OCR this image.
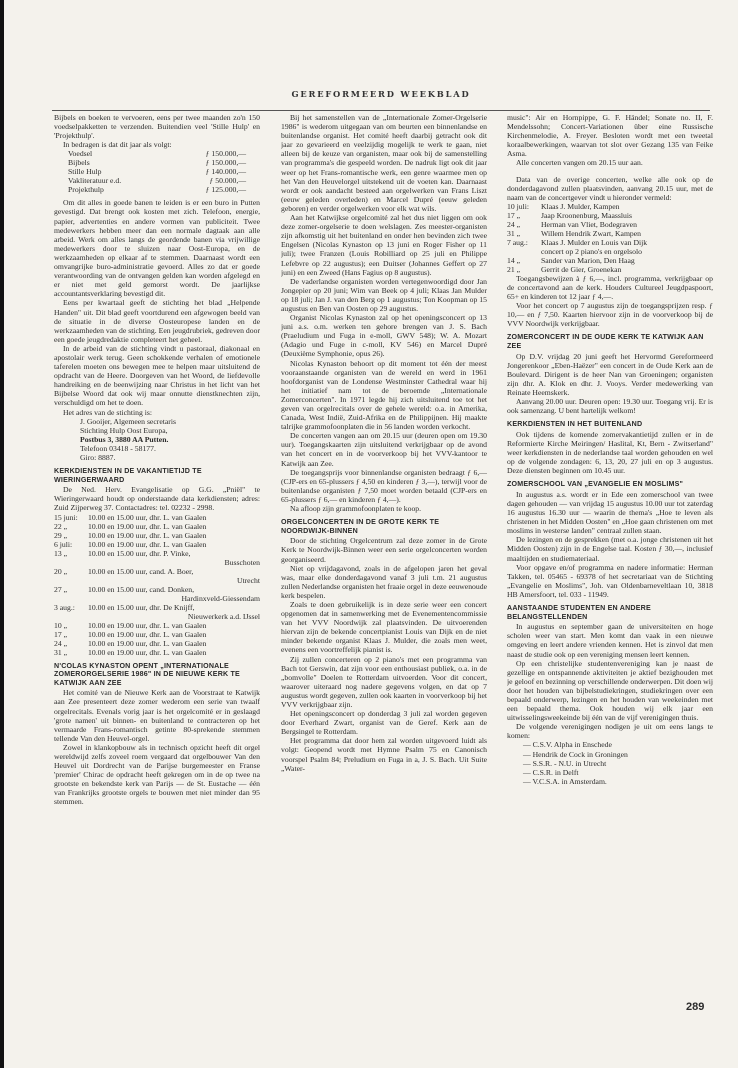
GEREFORMEERD WEEKBLAD

Bijbels en boeken te vervoeren, eens per twee maanden zo'n 150 voedselpakketten te verzenden. Buitendien veel 'Stille Hulp' en 'Projekthulp'.

In bedragen is dat dit jaar als volgt:

Voedsel	ƒ 150.000,—
Bijbels	ƒ 150.000,—
Stille Hulp	ƒ 140.000,—
Vakliteratuur e.d.	ƒ 50.000,—
Projekthulp	ƒ 125.000,—

Om dit alles in goede banen te leiden is er een buro in Putten gevestigd. Dat brengt ook kosten met zich. Telefoon, energie, papier, advertenties en andere vormen van publiciteit. Twee medewerkers hebben meer dan een normale dagtaak aan alle arbeid. Werk om alles langs de geordende banen via vrijwillige medewerkers door te sluizen naar Oost-Europa, en de werkzaamheden op elkaar af te stemmen. Daarnaast wordt een omvangrijke buro-administratie gevoerd. Alles zo dat er goede verantwoording van de ontvangen gelden kan worden afgelegd en er niet met geld gemorst wordt. De jaarlijkse accountantsverklaring bevestigd dit.

Eens per kwartaal geeft de stichting het blad „Helpende Handen" uit. Dit blad geeft voortdurend een afgewogen beeld van de situatie in de diverse Oosteuropese landen en de werkzaamheden van de stichting. Een jeugdrubriek, gedreven door een goede jeugdredaktie completeert het geheel.

In de arbeid van de stichting vindt u pastoraal, diakonaal en apostolair werk terug. Geen schokkende verhalen of emotionele taferelen moeten ons bewegen mee te helpen maar uitsluitend de opdracht van de Heere. Doorgeven van het Woord, de liefdevolle handreiking en de beenwijzing naar Christus in het licht van het Bijbelse Woord dat ook wij maar onnutte dienstknechten zijn, verschuldigd om het te doen.

Het adres van de stichting is:

J. Gooijer, Algemeen secretaris
Stichting Hulp Oost Europa,
Postbus 3, 3880 AA Putten.
Telefoon 03418 - 58177.
Giro: 8887.
KERKDIENSTEN IN DE VAKANTIETIJD TE WIERINGERWAARD

De Ned. Herv. Evangelisatie op G.G. „Pniël" te Wieringerwaard houdt op onderstaande data kerkdiensten; adres: Zuid Zijperweg 37. Contactadres: tel. 02232 - 2998.

15 juni:	10.00 en 15.00 uur, dhr. L. van Gaalen
22 „	10.00 en 19.00 uur, dhr. L. van Gaalen
29 „	10.00 en 19.00 uur, dhr. L. van Gaalen
6 juli:	10.00 en 19.00 uur, dhr. L. van Gaalen
13 „	10.00 en 15.00 uur, dhr. P. Vinke,
	Busschoten
20 „	10.00 en 15.00 uur, cand. A. Boer,
	Utrecht
27 „	10.00 en 15.00 uur, cand. Donken,
	Hardinxveld-Giessendam
3 aug.:	10.00 en 15.00 uur, dhr. De Knijff,
	Nieuwerkerk a.d. IJssel
10 „	10.00 en 19.00 uur, dhr. L. van Gaalen
17 „	10.00 en 19.00 uur, dhr. L. van Gaalen
24 „	10.00 en 19.00 uur, dhr. L. van Gaalen
31 „	10.00 en 19.00 uur, dhr. L. van Gaalen
N'COLAS KYNASTON OPENT „INTERNATIONALE ZOMERORGELSERIE 1986" IN DE NIEUWE KERK TE KATWIJK AAN ZEE

Het comité van de Nieuwe Kerk aan de Voorstraat te Katwijk aan Zee presenteert deze zomer wederom een serie van twaalf orgelrecitals. Evenals vorig jaar is het orgelcomité er in geslaagd 'grote namen' uit binnen- en buitenland te contracteren op het vermaarde Frans-romantisch getinte 80-sprekende stemmen tellende Van den Heuvel-orgel.

Zowel in klankopbouw als in technisch opzicht heeft dit orgel wereldwijd zelfs zoveel roem vergaard dat orgelbouwer Van den Heuvel uit Dordrecht van de Parijse burgemeester en Franse 'premier' Chirac de opdracht heeft gekregen om in de op twee na grootste en bekendste kerk van Parijs — de St. Eustache — één van Frankrijks grootste orgels te bouwen met niet minder dan 95 stemmen.

Bij het samenstellen van de „Internationale Zomer-Orgelserie 1986" is wederom uitgegaan van om beurten een binnenlandse en buitenlandse organist. Het comité heeft daarbij getracht ook dit jaar zo gevarieerd en veelzijdig mogelijk te werk te gaan, niet alleen bij de keuze van organisten, maar ook bij de samenstelling van programma's die gespeeld worden. De nadruk ligt ook dit jaar weer op het Frans-romantische werk, een genre waarmee men op het Van den Heuvelorgel uitstekend uit de voeten kan. Daarnaast wordt er ook aandacht besteed aan orgelwerken van Frans Liszt (eeuw geleden overleden) en Marcel Dupré (eeuw geleden geboren) en verder orgelwerken voor elk wat wils.

Aan het Katwijkse orgelcomité zal het dus niet liggen om ook deze zomer-orgelserie te doen welslagen. Zes meester-organisten zijn afkomstig uit het buitenland en onder hen bevinden zich twee Engelsen (Nicolas Kynaston op 13 juni en Roger Fisher op 11 juli); twee Franzen (Louis Robilliard op 25 juli en Philippe Lefebvre op 22 augustus); een Duitser (Johannes Geffert op 27 juni) en een Zweed (Hans Fagius op 8 augustus).

De vaderlandse organisten worden vertegenwoordigd door Jan Jongepier op 20 juni; Wim van Beek op 4 juli; Klaas Jan Mulder op 18 juli; Jan J. van den Berg op 1 augustus; Ton Koopman op 15 augustus en Ben van Oosten op 29 augustus.

Organist Nicolas Kynaston zal op het openingsconcert op 13 juni a.s. o.m. werken ten gehore brengen van J. S. Bach (Praeludium und Fuga in e-moll, GWV 548); W. A. Mozart (Adagio und Fuge in c-moll, KV 546) en Marcel Dupré (Deuxième Symphonie, opus 26).

Nicolas Kynaston behoort op dit moment tot één der meest vooraanstaande organisten van de wereld en werd in 1961 hoofdorganist van de Londense Westminster Cathedral waar hij het initiatief nam tot de beroemde „Internationale Zomerconcerten". In 1971 legde hij zich uitsluitend toe tot het geven van orgelrecitals over de gehele wereld: o.a. in Amerika, Canada, West Indië, Zuid-Afrika en de Philippijnen. Hij maakte talrijke grammofoonplaten die in 56 landen worden verkocht.

De concerten vangen aan om 20.15 uur (deuren open om 19.30 uur). Toegangskaarten zijn uitsluitend verkrijgbaar op de avond van het concert en in de voorverkoop bij het VVV-kantoor te Katwijk aan Zee.

De toegangsprijs voor binnenlandse organisten bedraagt ƒ 6,— (CJP-ers en 65-plussers ƒ 4,50 en kinderen ƒ 3,—), terwijl voor de buitenlandse organisten ƒ 7,50 moet worden betaald (CJP-ers en 65-plussers ƒ 6,— en kinderen ƒ 4,—).

Na afloop zijn grammofoonplaten te koop.

ORGELCONCERTEN IN DE GROTE KERK TE NOORDWIJK-BINNEN

Door de stichting Orgelcentrum zal deze zomer in de Grote Kerk te Noordwijk-Binnen weer een serie orgelconcerten worden georganiseerd.

Niet op vrijdagavond, zoals in de afgelopen jaren het geval was, maar elke donderdagavond vanaf 3 juli t.m. 21 augustus zullen Nederlandse organisten het fraaie orgel in deze eeuwenoude kerk bespelen.

Zoals te doen gebruikelijk is in deze serie weer een concert opgenomen dat in samenwerking met de Evenementencommissie van het VVV Noordwijk zal plaatsvinden. De uitvoerenden hiervan zijn de bekende concertpianist Louis van Dijk en de niet minder bekende organist Klaas J. Mulder, die zoals men weet, evenens een voortreffelijk pianist is.

Zij zullen concerteren op 2 piano's met een programma van Bach tot Gerswin, dat zijn voor een enthousiast publiek, o.a. in de „bomvolle" Doelen te Rotterdam uitvoerden. Voor dit concert, waarover uiteraard nog nadere gegevens volgen, en dat op 7 augustus wordt gegeven, zullen ook kaarten in voorverkoop bij het VVV verkrijgbaar zijn.

Het openingsconcert op donderdag 3 juli zal worden gegeven door Everhard Zwart, organist van de Geref. Kerk aan de Bergsingel te Rotterdam.

Het programma dat door hem zal worden uitgevoerd luidt als volgt: Geopend wordt met Hymne Psalm 75 en Canonisch voorspel Psalm 84; Preludium en Fuga in a, J. S. Bach. Uit Suite „Water-

music": Air en Hornpippe, G. F. Händel; Sonate no. II, F. Mendelssohn; Concert-Variationen über eine Russische Kirchenmelodie, A. Freyer. Besloten wordt met een tweetal koraalbewerkingen, waarvan tot slot over Gezang 135 van Feike Asma.

Alle concerten vangen om 20.15 uur aan.

Data van de overige concerten, welke alle ook op de donderdagavond zullen plaatsvinden, aanvang 20.15 uur, met de naam van de concertgever vindt u hieronder vermeld:

10 juli:	Klaas J. Mulder, Kampen
17 „	Jaap Kroonenburg, Maassluis
24 „	Herman van Vliet, Bodegraven
31 „	Willem Hendrik Zwart, Kampen
7 aug.:	Klaas J. Mulder en Louis van Dijk
	concert op 2 piano's en orgelsolo
14 „	Sander van Marion, Den Haag
21 „	Gerrit de Gier, Groenekan

Toegangsbewijzen à ƒ 6,—, incl. programma, verkrijgbaar op de concertavond aan de kerk. Houders Cultureel Jeugdpaspoort, 65+ en kinderen tot 12 jaar ƒ 4,—.

Voor het concert op 7 augustus zijn de toegangsprijzen resp. ƒ 10,— en ƒ 7,50. Kaarten hiervoor zijn in de voorverkoop bij de VVV Noordwijk verkrijgbaar.

ZOMERCONCERT IN DE OUDE KERK TE KATWIJK AAN ZEE

Op D.V. vrijdag 20 juni geeft het Hervormd Gereformeerd Jongerenkoor „Eben-Haëzer" een concert in de Oude Kerk aan de Boulevard. Dirigent is de heer Nan van Groeningen; organisten zijn dhr. A. Klok en dhr. J. Vooys. Verder medewerking van Reinate Heemskerk.

Aanvang 20.00 uur. Deuren open: 19.30 uur. Toegang vrij. Er is ook samenzang. U bent hartelijk welkom!

KERKDIENSTEN IN HET BUITENLAND

Ook tijdens de komende zomervakantietijd zullen er in de Reformierte Kirche Meiringen/ Haslital, Kt, Bern - Zwitserland" weer kerkdiensten in de nederlandse taal worden gehouden en wel op de volgende zondagen: 6, 13, 20, 27 juli en op 3 augustus. Deze diensten beginnen om 10.45 uur.

ZOMERSCHOOL VAN „EVANGELIE EN MOSLIMS"

In augustus a.s. wordt er in Ede een zomerschool van twee dagen gehouden — van vrijdag 15 augustus 10.00 uur tot zaterdag 16 augustus 16.30 uur — waarin de thema's „Hoe te leven als christenen in het Midden Oosten" en „Hoe gaan christenen om met moslims in westerse landen" centraal zullen staan.

De lezingen en de gesprekken (met o.a. jonge christenen uit het Midden Oosten) zijn in de Engelse taal. Kosten ƒ 30,—, inclusief maaltijden en studiemateriaal.

Voor opgave en/of programma en nadere informatie: Herman Takken, tel. 05465 - 69378 of het secretariaat van de Stichting „Evangelie en Moslims", Joh. van Oldenbarneveltlaan 10, 3818 HB Amersfoort, tel. 033 - 11949.

AANSTAANDE STUDENTEN EN ANDERE BELANGSTELLENDEN

In augustus en september gaan de universiteiten en hoge scholen weer van start. Men komt dan vaak in een nieuwe omgeving en leert andere vrienden kennen. Het is zinvol dat men naast de studie ook op een vereniging mensen leert kennen.

Op een christelijke studentenvereniging kan je naast de gezellige en ontspannende aktiviteiten je aktief bezighouden met je geloof en bezinning op verschillende onderwerpen. Dit doen wij door het houden van bijbelstudiekringen, studiekringen over een bepaald onderwerp, lezingen en het houden van weekeinden met een bepaald thema. Ook houden wij elk jaar een uitwisselingsweekeinde bij één van de vijf verenigingen thuis.

De volgende verenigingen nodigen je uit om eens langs te komen:

— C.S.V. Alpha in Enschede
— Hendrik de Cock in Groningen
— S.S.R. - N.U. in Utrecht
— C.S.R. in Delft
— V.C.S.A. in Amsterdam.
289
